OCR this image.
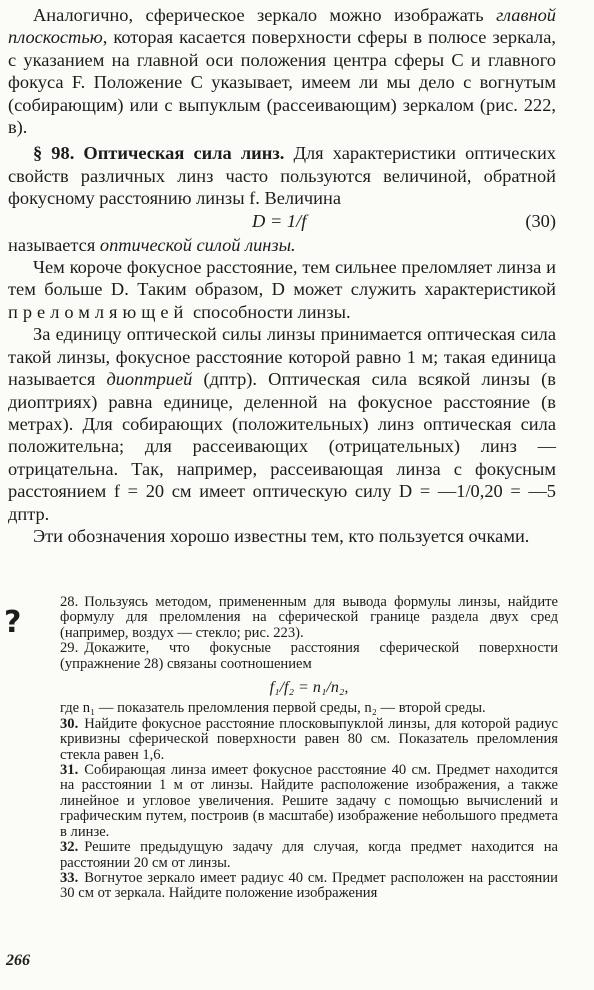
Аналогично, сферическое зеркало можно изображать главной плоскостью, которая касается поверхности сферы в полюсе зеркала, с указанием на главной оси положения центра сферы C и главного фокуса F. Положение C указывает, имеем ли мы дело с вогнутым (собирающим) или с выпуклым (рассеивающим) зеркалом (рис. 222, в).

§ 98. Оптическая сила линз. Для характеристики оптических свойств различных линз часто пользуются величиной, обратной фокусному расстоянию линзы f. Величина

D = 1/f	(30)

называется оптической силой линзы.

Чем короче фокусное расстояние, тем сильнее преломляет линза и тем больше D. Таким образом, D может служить характеристикой преломляющей способности линзы.

За единицу оптической силы линзы принимается оптическая сила такой линзы, фокусное расстояние которой равно 1 м; такая единица называется диоптрией (дптр). Оптическая сила всякой линзы (в диоптриях) равна единице, деленной на фокусное расстояние (в метрах). Для собирающих (положительных) линз оптическая сила положительна; для рассеивающих (отрицательных) линз — отрицательна. Так, например, рассеивающая линза с фокусным расстоянием f = 20 см имеет оптическую силу D = —1/0,20 = —5 дптр.

Эти обозначения хорошо известны тем, кто пользуется очками.

?

28. Пользуясь методом, примененным для вывода формулы линзы, найдите формулу для преломления на сферической границе раздела двух сред (например, воздух — стекло; рис. 223).

29. Докажите, что фокусные расстояния сферической поверхности (упражнение 28) связаны соотношением

f₁/f₂ = n₁/n₂,

где n₁ — показатель преломления первой среды, n₂ — второй среды.

30. Найдите фокусное расстояние плосковыпуклой линзы, для которой радиус кривизны сферической поверхности равен 80 см. Показатель преломления стекла равен 1,6.

31. Собирающая линза имеет фокусное расстояние 40 см. Предмет находится на расстоянии 1 м от линзы. Найдите расположение изображения, а также линейное и угловое увеличения. Решите задачу с помощью вычислений и графическим путем, построив (в масштабе) изображение небольшого предмета в линзе.

32. Решите предыдущую задачу для случая, когда предмет находится на расстоянии 20 см от линзы.

33. Вогнутое зеркало имеет радиус 40 см. Предмет расположен на расстоянии 30 см от зеркала. Найдите положение изображения

266
